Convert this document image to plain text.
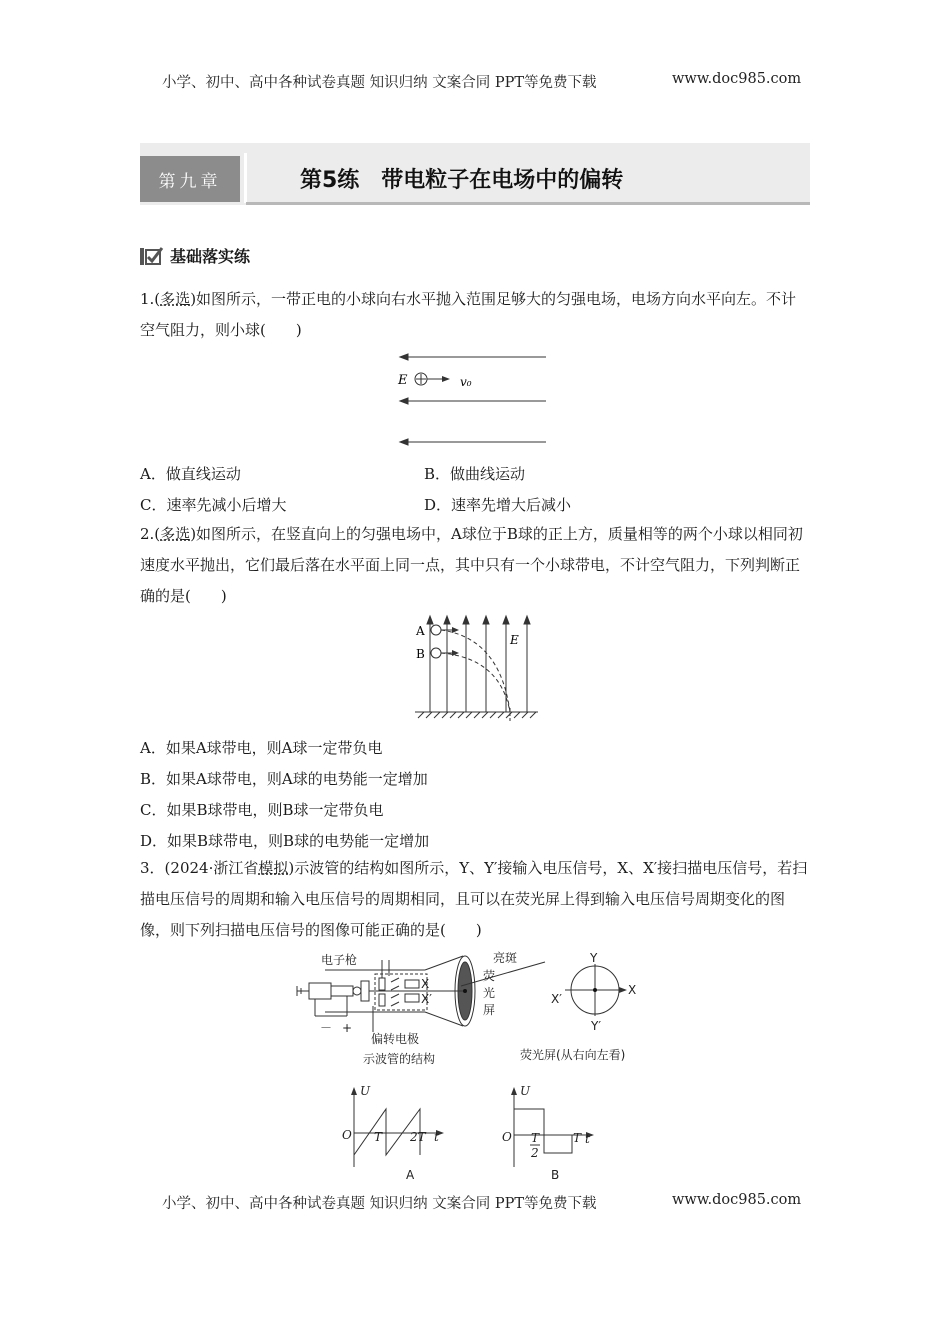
小学、初中、高中各种试卷真题 知识归纳 文案合同 PPT等免费下载	www.doc985.com
第九章	第5练　带电粒子在电场中的偏转
基础落实练
1.(多选)如图所示，一带正电的小球向右水平抛入范围足够大的匀强电场，电场方向水平向左。不计空气阻力，则小球(　　)
E	v₀
A．做直线运动	B．做曲线运动
C．速率先减小后增大	D．速率先增大后减小
2.(多选)如图所示，在竖直向上的匀强电场中，A球位于B球的正上方，质量相等的两个小球以相同初速度水平抛出，它们最后落在水平面上同一点，其中只有一个小球带电，不计空气阻力，下列判断正确的是(　　)
A
B
E
A．如果A球带电，则A球一定带负电
B．如果A球带电，则A球的电势能一定增加
C．如果B球带电，则B球一定带负电
D．如果B球带电，则B球的电势能一定增加
3．(2024·浙江省模拟)示波管的结构如图所示，Y、Y′接输入电压信号，X、X′接扫描电压信号，若扫描电压信号的周期和输入电压信号的周期相同，且可以在荧光屏上得到输入电压信号周期变化的图像，则下列扫描电压信号的图像可能正确的是(　　)
电子枪	亮斑
荧
光
屏
偏转电极
示波管的结构	荧光屏(从右向左看)
－ +
X
X′
Y
Y′
X
X′
U
O T 2T t
A
U
O T
2
T t
B
小学、初中、高中各种试卷真题 知识归纳 文案合同 PPT等免费下载	www.doc985.com
